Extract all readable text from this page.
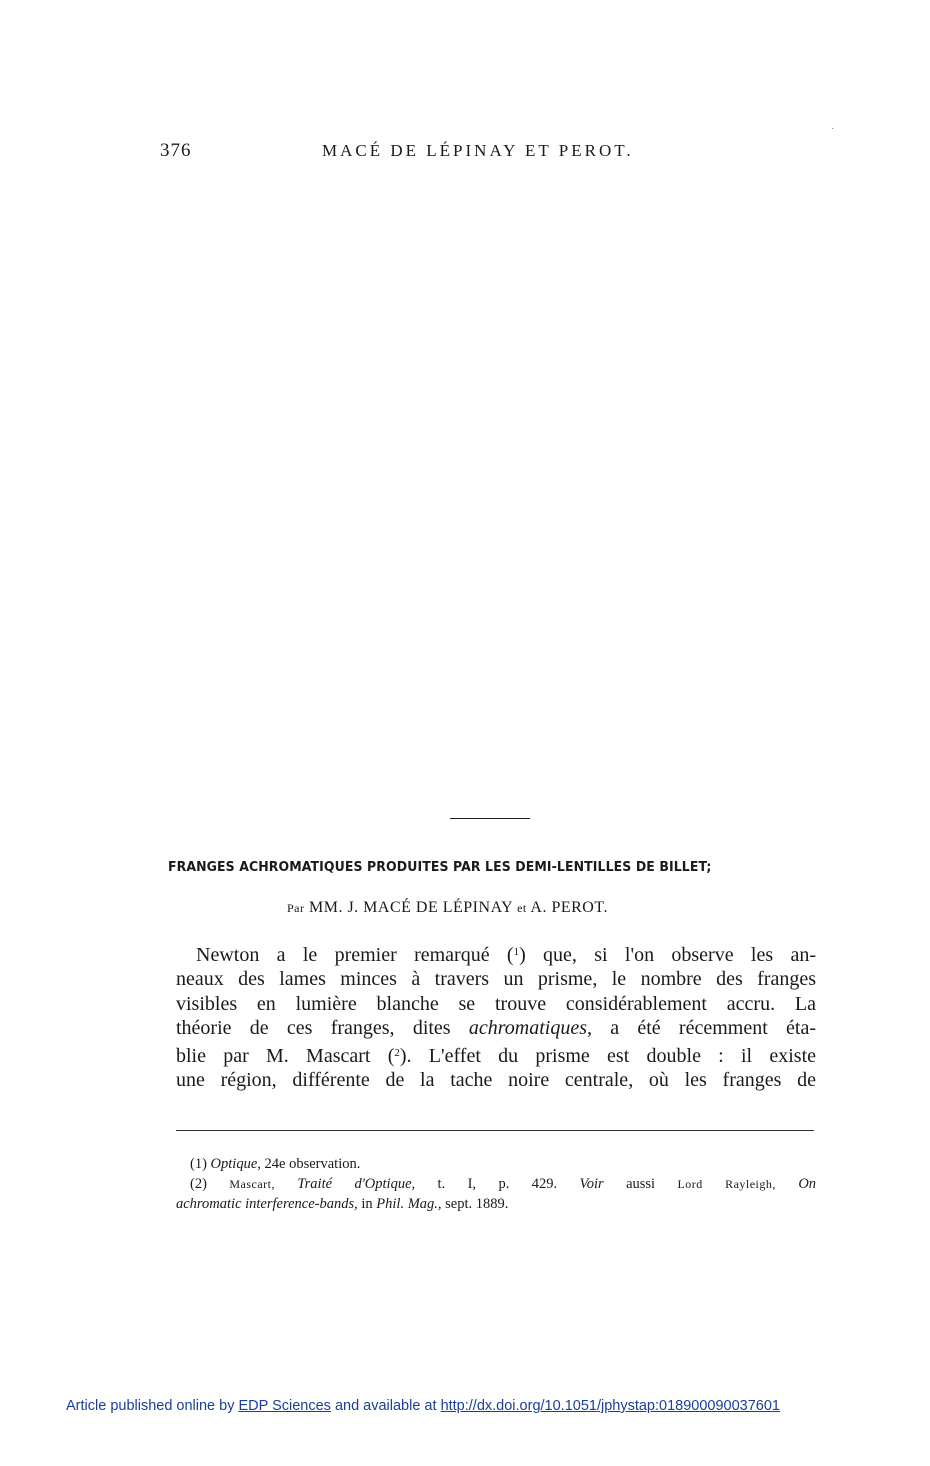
376	MACÉ DE LÉPINAY ET PEROT.
·
FRANGES ACHROMATIQUES PRODUITES PAR LES DEMI-LENTILLES DE BILLET;
Par MM. J. MACÉ DE LÉPINAY et A. PEROT.
Newton a le premier remarqué ($^1$) que, si l'on observe les an-
neaux des lames minces à travers un prisme, le nombre des franges
visibles en lumière blanche se trouve considérablement accru. La
théorie de ces franges, dites achromatiques, a été récemment éta-
blie par M. Mascart ($^2$). L'effet du prisme est double : il existe
une région, différente de la tache noire centrale, où les franges de
(1) Optique, 24e observation.
(2) Mascart, Traité d'Optique, t. I, p. 429. Voir aussi Lord Rayleigh, On
achromatic interference-bands, in Phil. Mag., sept. 1889.
Article published online by EDP Sciences and available at http://dx.doi.org/10.1051/jphystap:018900090037601
